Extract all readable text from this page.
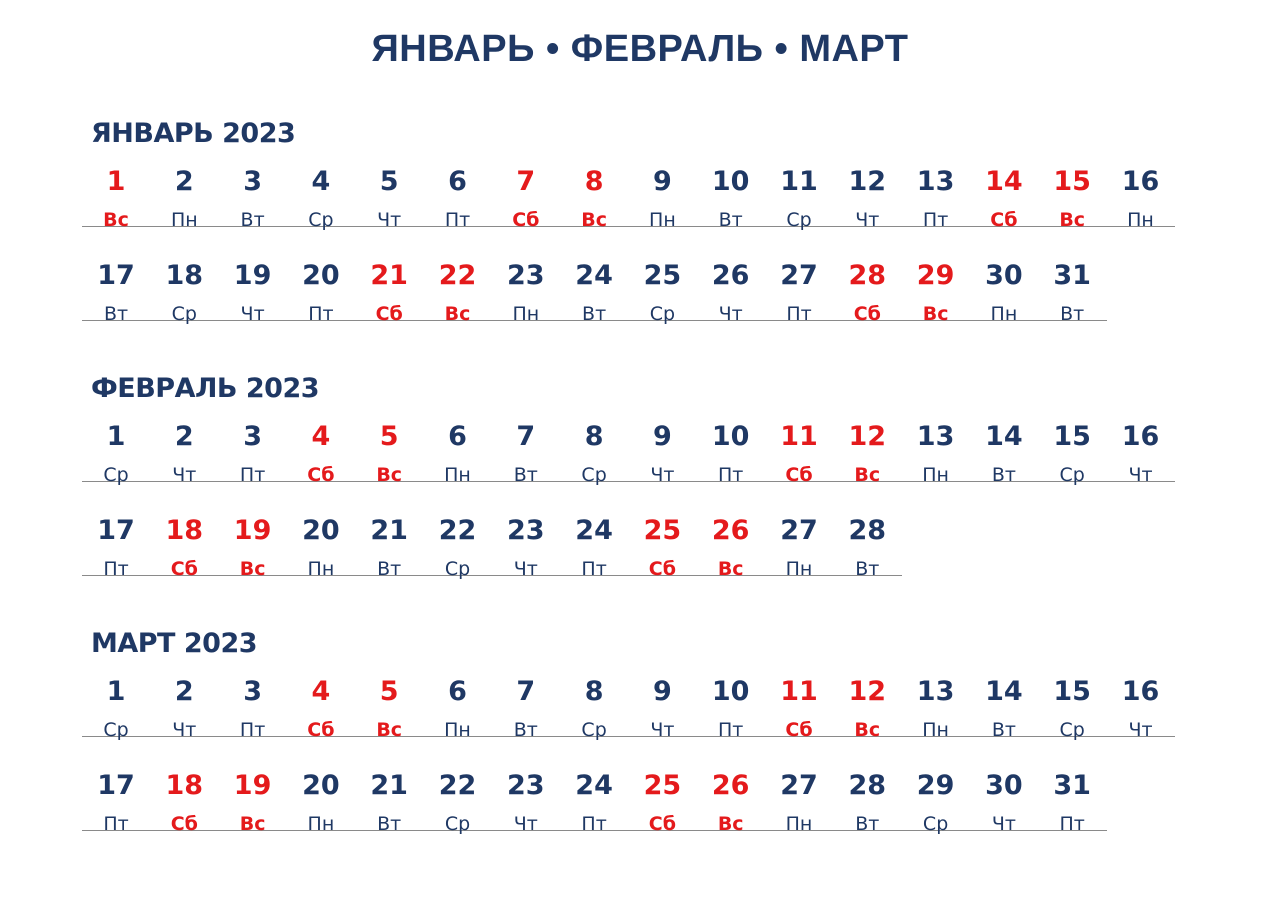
ЯНВАРЬ • ФЕВРАЛЬ • МАРТ
ЯНВАРЬ 2023
1
Вс
2
Пн
3
Вт
4
Ср
5
Чт
6
Пт
7
Сб
8
Вс
9
Пн
10
Вт
11
Ср
12
Чт
13
Пт
14
Сб
15
Вс
16
Пн
17
Вт
18
Ср
19
Чт
20
Пт
21
Сб
22
Вс
23
Пн
24
Вт
25
Ср
26
Чт
27
Пт
28
Сб
29
Вс
30
Пн
31
Вт
ФЕВРАЛЬ 2023
1
Ср
2
Чт
3
Пт
4
Сб
5
Вс
6
Пн
7
Вт
8
Ср
9
Чт
10
Пт
11
Сб
12
Вс
13
Пн
14
Вт
15
Ср
16
Чт
17
Пт
18
Сб
19
Вс
20
Пн
21
Вт
22
Ср
23
Чт
24
Пт
25
Сб
26
Вс
27
Пн
28
Вт
МАРТ 2023
1
Ср
2
Чт
3
Пт
4
Сб
5
Вс
6
Пн
7
Вт
8
Ср
9
Чт
10
Пт
11
Сб
12
Вс
13
Пн
14
Вт
15
Ср
16
Чт
17
Пт
18
Сб
19
Вс
20
Пн
21
Вт
22
Ср
23
Чт
24
Пт
25
Сб
26
Вс
27
Пн
28
Вт
29
Ср
30
Чт
31
Пт
